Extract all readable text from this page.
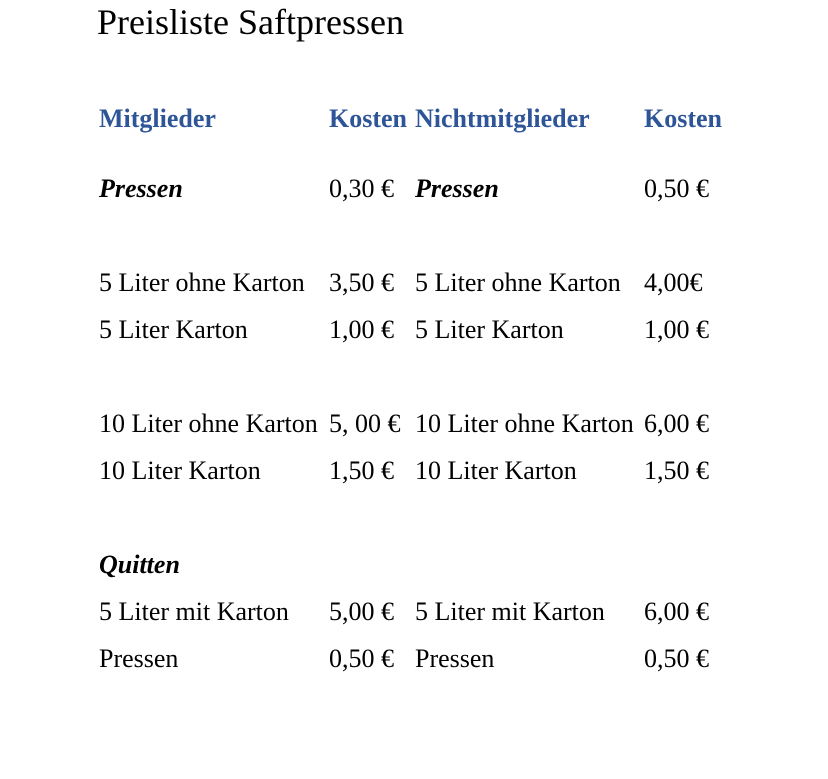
Preisliste Saftpressen
Mitglieder	Kosten	Nichtmitglieder	Kosten

Pressen	0,30 €	Pressen	0,50 €

5 Liter ohne Karton	3,50 €	5 Liter ohne Karton	4,00€

5 Liter Karton	1,00 €	5 Liter Karton	1,00 €

10 Liter ohne Karton	5, 00 €	10 Liter ohne Karton	6,00 €

10 Liter Karton	1,50 €	10 Liter Karton	1,50 €

Quitten			

5 Liter mit Karton	5,00 €	5 Liter mit Karton	6,00 €

Pressen	0,50 €	Pressen	0,50 €
